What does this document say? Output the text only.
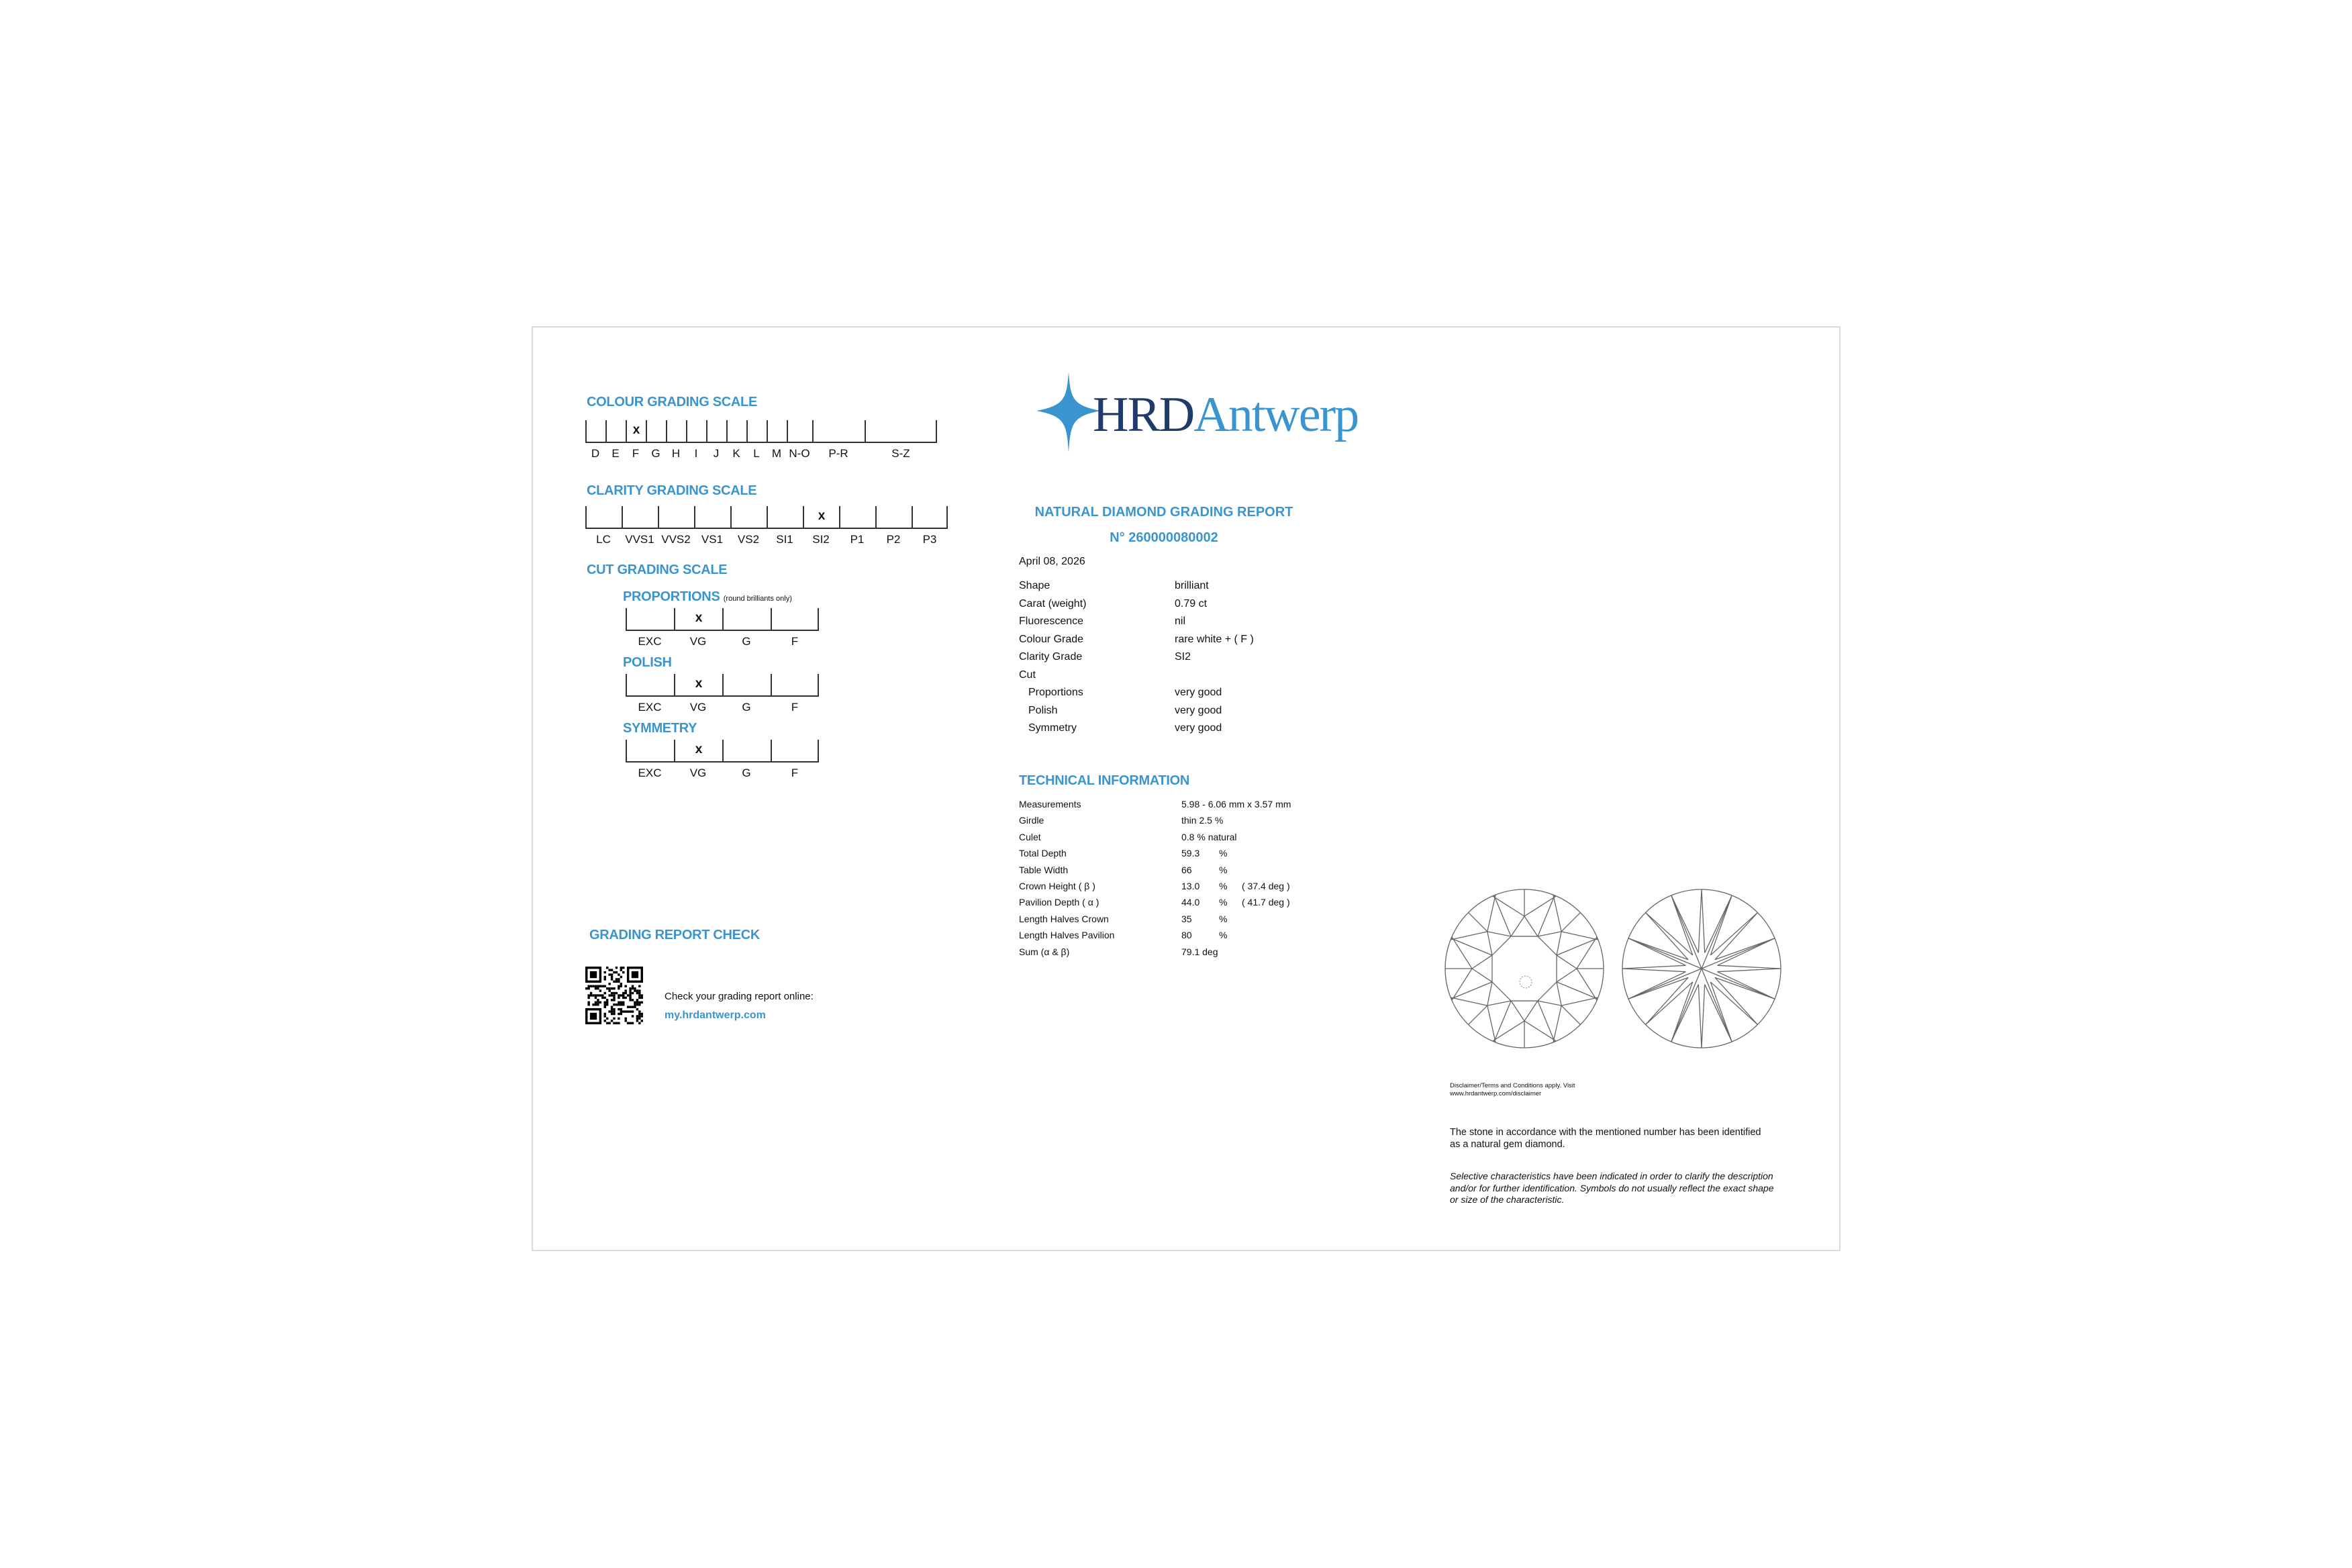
COLOUR GRADING SCALE
x
D	E	F	G	H	I	J	K	L	M N-O	P-R	S-Z
CLARITY GRADING SCALE
x
LC	VVS1 VVS2 VS1	VS2	SI1	SI2	P1	P2	P3
CUT GRADING SCALE
PROPORTIONS (round brilliants only)
x
EXC	VG	G	F
POLISH
x
EXC	VG	G	F
SYMMETRY
x
EXC	VG	G	F
GRADING REPORT CHECK
Check your grading report online:
my.hrdantwerp.com
HRDAntwerp
NATURAL DIAMOND GRADING REPORT
N° 260000080002
April 08, 2026
Shape	brilliant
Carat (weight)	0.79 ct
Fluorescence	nil
Colour Grade	rare white + ( F )
Clarity Grade	SI2
Cut
Proportions	very good
Polish	very good
Symmetry	very good
TECHNICAL INFORMATION
Measurements	5.98 - 6.06 mm x 3.57 mm
Girdle	thin 2.5 %
Culet	0.8 % natural
Total Depth	59.3	%
Table Width	66	%
Crown Height ( β )	13.0	%	( 37.4 deg )
Pavilion Depth ( α )	44.0	%	( 41.7 deg )
Length Halves Crown	35	%
Length Halves Pavilion	80	%
Sum (α & β)	79.1 deg
Disclaimer/Terms and Conditions apply. Visit
www.hrdantwerp.com/disclaimer
The stone in accordance with the mentioned number has been identified as a natural gem diamond.
Selective characteristics have been indicated in order to clarify the description and/or for further identification. Symbols do not usually reflect the exact shape or size of the characteristic.
